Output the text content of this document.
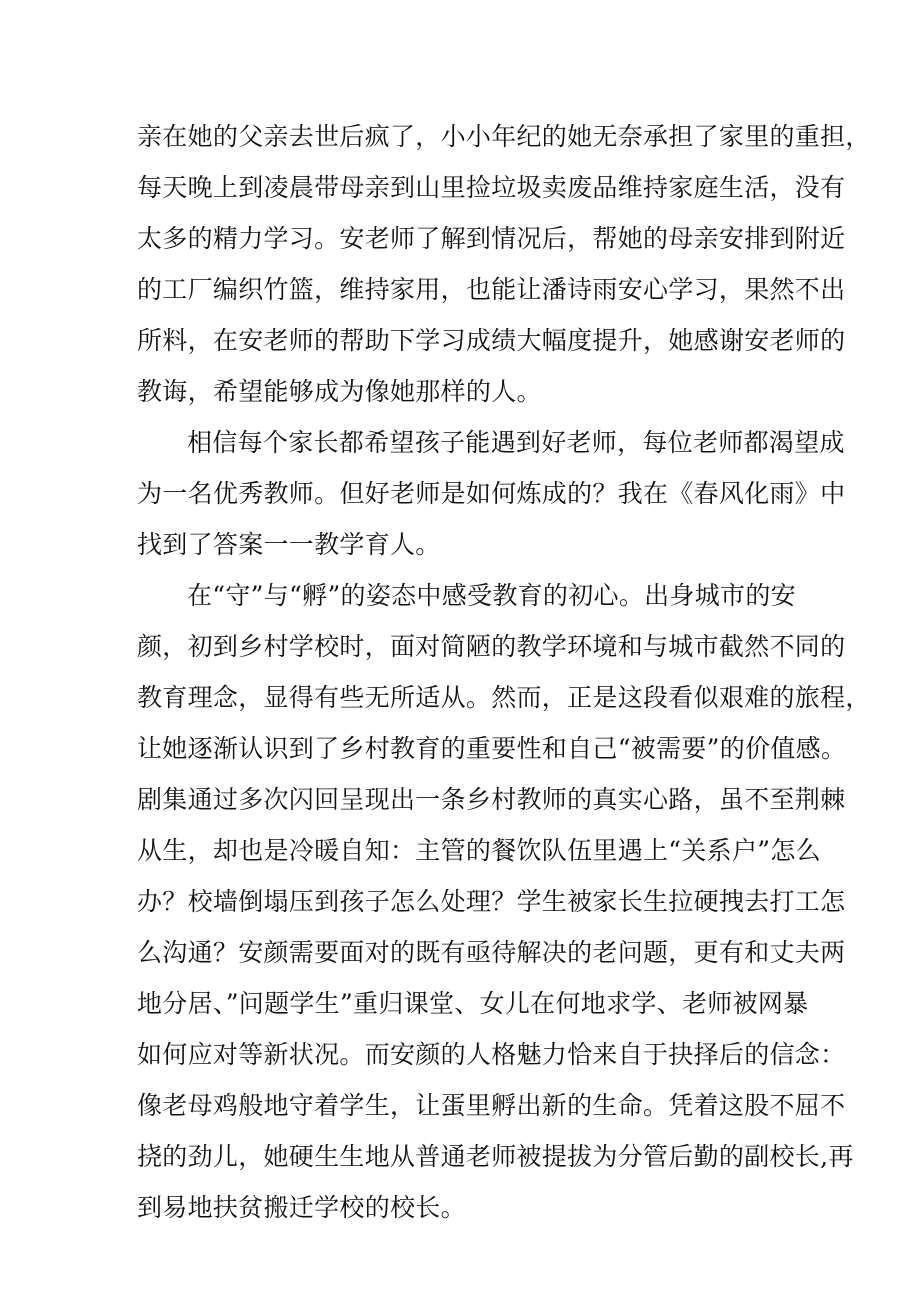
亲在她的父亲去世后疯了，小小年纪的她无奈承担了家里的重担，
每天晚上到凌晨带母亲到山里捡垃圾卖废品维持家庭生活，没有
太多的精力学习。安老师了解到情况后，帮她的母亲安排到附近
的工厂编织竹篮，维持家用，也能让潘诗雨安心学习，果然不出
所料，在安老师的帮助下学习成绩大幅度提升，她感谢安老师的
教诲，希望能够成为像她那样的人。
相信每个家长都希望孩子能遇到好老师，每位老师都渴望成
为一名优秀教师。但好老师是如何炼成的？我在《春风化雨》中
找到了答案一一教学育人。
在“守”与“孵”的姿态中感受教育的初心。出身城市的安
颜，初到乡村学校时，面对简陋的教学环境和与城市截然不同的
教育理念，显得有些无所适从。然而，正是这段看似艰难的旅程，
让她逐渐认识到了乡村教育的重要性和自己“被需要”的价值感。
剧集通过多次闪回呈现出一条乡村教师的真实心路，虽不至荆棘
从生，却也是冷暖自知：主管的餐饮队伍里遇上“关系户”怎么
办？校墙倒塌压到孩子怎么处理？学生被家长生拉硬拽去打工怎
么沟通？安颜需要面对的既有亟待解决的老问题，更有和丈夫两
地分居、”问题学生”重归课堂、女儿在何地求学、老师被网暴
如何应对等新状况。而安颜的人格魅力恰来自于抉择后的信念：
像老母鸡般地守着学生，让蛋里孵出新的生命。凭着这股不屈不
挠的劲儿，她硬生生地从普通老师被提拔为分管后勤的副校长,再
到易地扶贫搬迁学校的校长。
